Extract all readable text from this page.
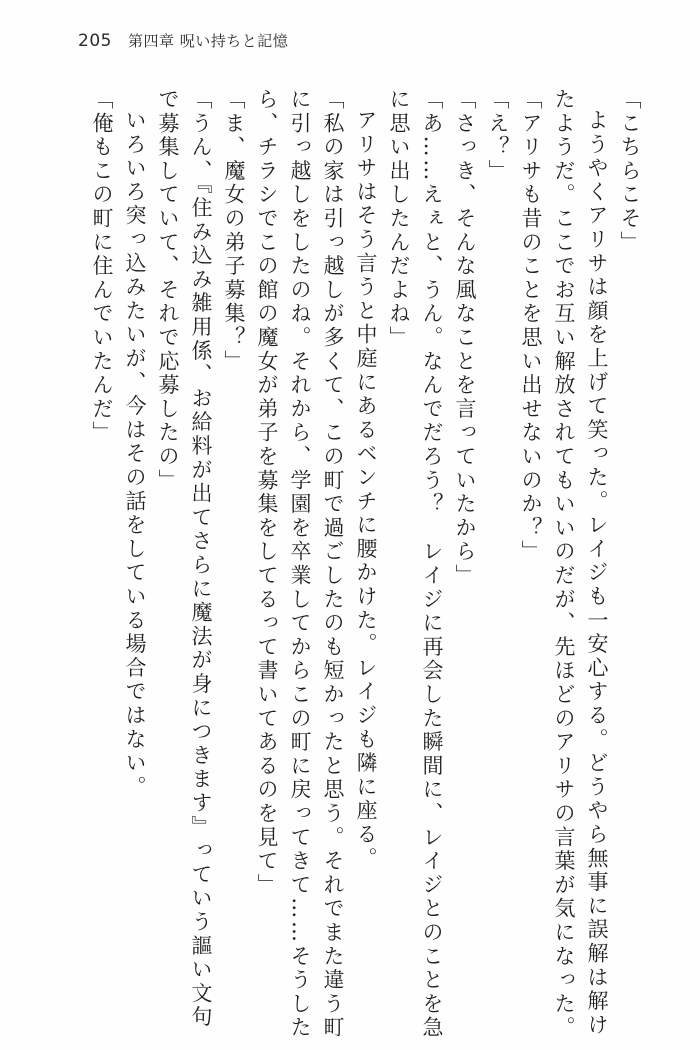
205 第四章 呪い持ちと記憶

「こちらこそ」

ようやくアリサは顔を上げて笑った。レイジも一安心する。どうやら無事に誤解は解けたようだ。ここでお互い解放されてもいいのだが、先ほどのアリサの言葉が気になった。

「アリサも昔のことを思い出せないのか？」

「え？」

「さっき、そんな風なことを言っていたから」

「あ……えぇと、うん。なんでだろう？　レイジに再会した瞬間に、レイジとのことを急に思い出したんだよね」

アリサはそう言うと中庭にあるベンチに腰かけた。レイジも隣に座る。

「私の家は引っ越しが多くて、この町で過ごしたのも短かったと思う。それでまた違う町に引っ越しをしたのね。それから、学園を卒業してからこの町に戻ってきて……そうしたら、チラシでこの館の魔女が弟子を募集をしてるって書いてあるのを見て」

「ま、魔女の弟子募集？」

「うん、『住み込み雑用係、お給料が出てさらに魔法が身につきます』っていう謳い文句で募集していて、それで応募したの」

いろいろ突っ込みたいが、今はその話をしている場合ではない。

「俺もこの町に住んでいたんだ」
